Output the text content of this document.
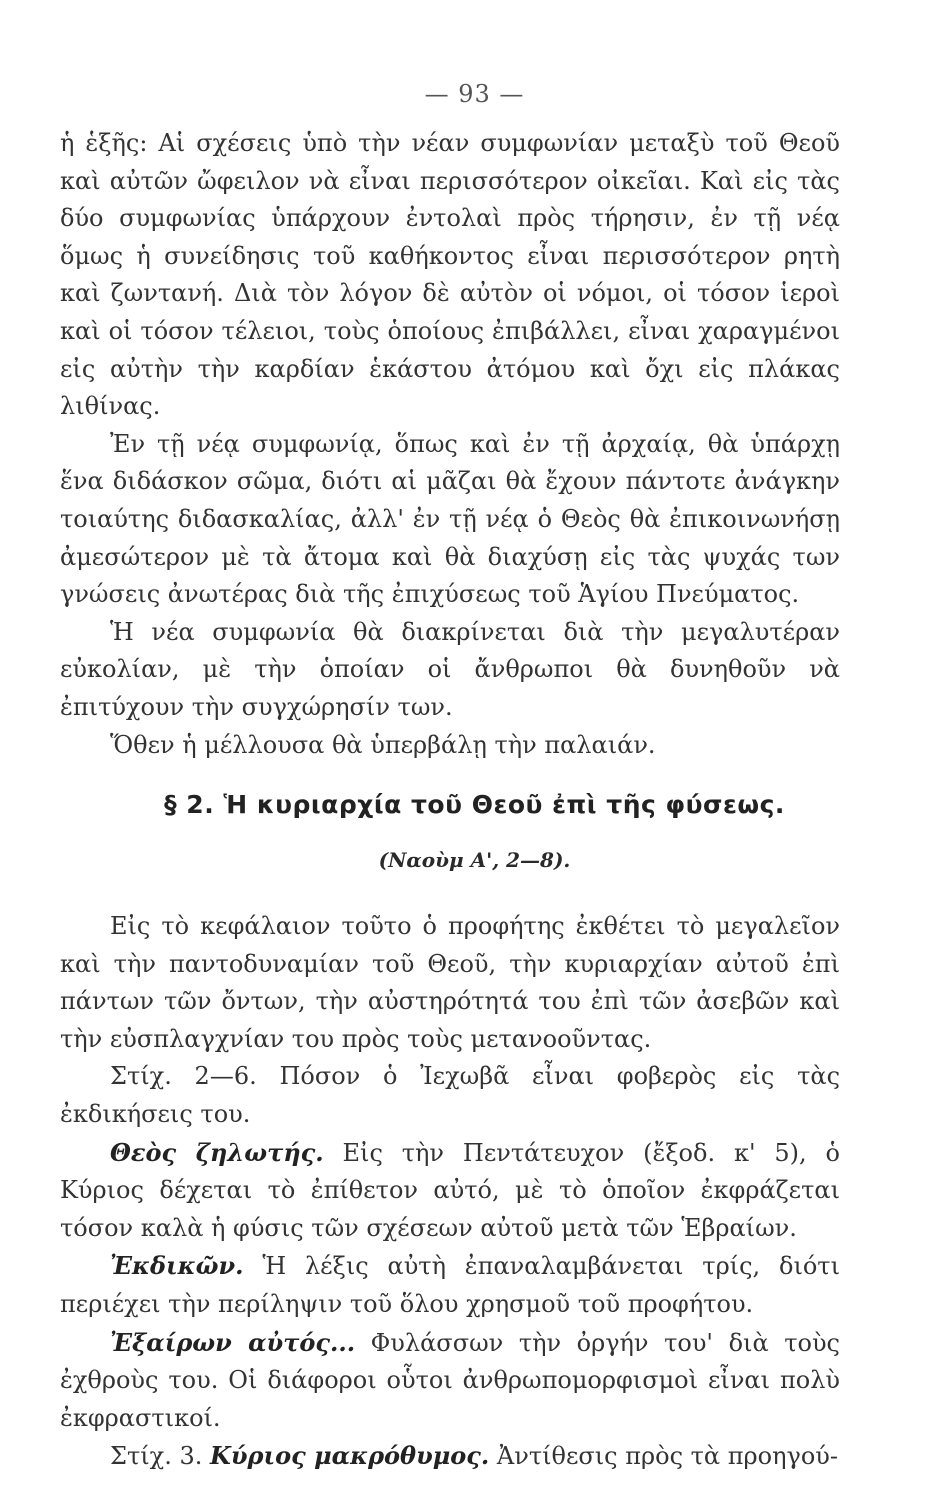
— 93 —

ἡ ἑξῆς: Αἱ σχέσεις ὑπὸ τὴν νέαν συμφωνίαν μεταξὺ τοῦ Θεοῦ καὶ αὐτῶν ὤφειλον νὰ εἶναι περισσότερον οἰκεῖαι. Καὶ εἰς τὰς δύο συμφωνίας ὑπάρχουν ἐντολαὶ πρὸς τήρησιν, ἐν τῇ νέᾳ ὅμως ἡ συνείδησις τοῦ καθήκοντος εἶναι περισσότερον ρητὴ καὶ ζωντανή. Διὰ τὸν λόγον δὲ αὐτὸν οἱ νόμοι, οἱ τόσον ἱεροὶ καὶ οἱ τόσον τέλειοι, τοὺς ὁποίους ἐπιβάλλει, εἶναι χαραγμένοι εἰς αὐτὴν τὴν καρδίαν ἑκάστου ἀτόμου καὶ ὄχι εἰς πλάκας λιθίνας.

Ἐν τῇ νέᾳ συμφωνίᾳ, ὅπως καὶ ἐν τῇ ἀρχαίᾳ, θὰ ὑπάρχῃ ἕνα διδάσκον σῶμα, διότι αἱ μᾶζαι θὰ ἔχουν πάντοτε ἀνάγκην τοιαύτης διδασκαλίας, ἀλλ' ἐν τῇ νέᾳ ὁ Θεὸς θὰ ἐπικοινωνήσῃ ἀμεσώτερον μὲ τὰ ἄτομα καὶ θὰ διαχύσῃ εἰς τὰς ψυχάς των γνώσεις ἀνωτέρας διὰ τῆς ἐπιχύσεως τοῦ Ἁγίου Πνεύματος.

Ἡ νέα συμφωνία θὰ διακρίνεται διὰ τὴν μεγαλυτέραν εὐκολίαν, μὲ τὴν ὁποίαν οἱ ἄνθρωποι θὰ δυνηθοῦν νὰ ἐπιτύχουν τὴν συγχώρησίν των.

Ὅθεν ἡ μέλλουσα θὰ ὑπερβάλῃ τὴν παλαιάν.

§ 2. Ἡ κυριαρχία τοῦ Θεοῦ ἐπὶ τῆς φύσεως.
(Ναοὺμ Α', 2—8).

Εἰς τὸ κεφάλαιον τοῦτο ὁ προφήτης ἐκθέτει τὸ μεγαλεῖον καὶ τὴν παντοδυναμίαν τοῦ Θεοῦ, τὴν κυριαρχίαν αὐτοῦ ἐπὶ πάντων τῶν ὄντων, τὴν αὐστηρότητά του ἐπὶ τῶν ἀσεβῶν καὶ τὴν εὐσπλαγχνίαν του πρὸς τοὺς μετανοοῦντας.

Στίχ. 2—6. Πόσον ὁ Ἰεχωβᾶ εἶναι φοβερὸς εἰς τὰς ἐκδικήσεις του.

Θεὸς ζηλωτής. Εἰς τὴν Πεντάτευχον (ἔξοδ. κ' 5), ὁ Κύριος δέχεται τὸ ἐπίθετον αὐτό, μὲ τὸ ὁποῖον ἐκφράζεται τόσον καλὰ ἡ φύσις τῶν σχέσεων αὐτοῦ μετὰ τῶν Ἑβραίων.

Ἐκδικῶν. Ἡ λέξις αὐτὴ ἐπαναλαμβάνεται τρίς, διότι περιέχει τὴν περίληψιν τοῦ ὅλου χρησμοῦ τοῦ προφήτου.

Ἐξαίρων αὐτός... Φυλάσσων τὴν ὀργήν του' διὰ τοὺς ἐχθροὺς του. Οἱ διάφοροι οὗτοι ἀνθρωπομορφισμοὶ εἶναι πολὺ ἐκφραστικοί.

Στίχ. 3. Κύριος μακρόθυμος. Ἀντίθεσις πρὸς τὰ προηγού-
